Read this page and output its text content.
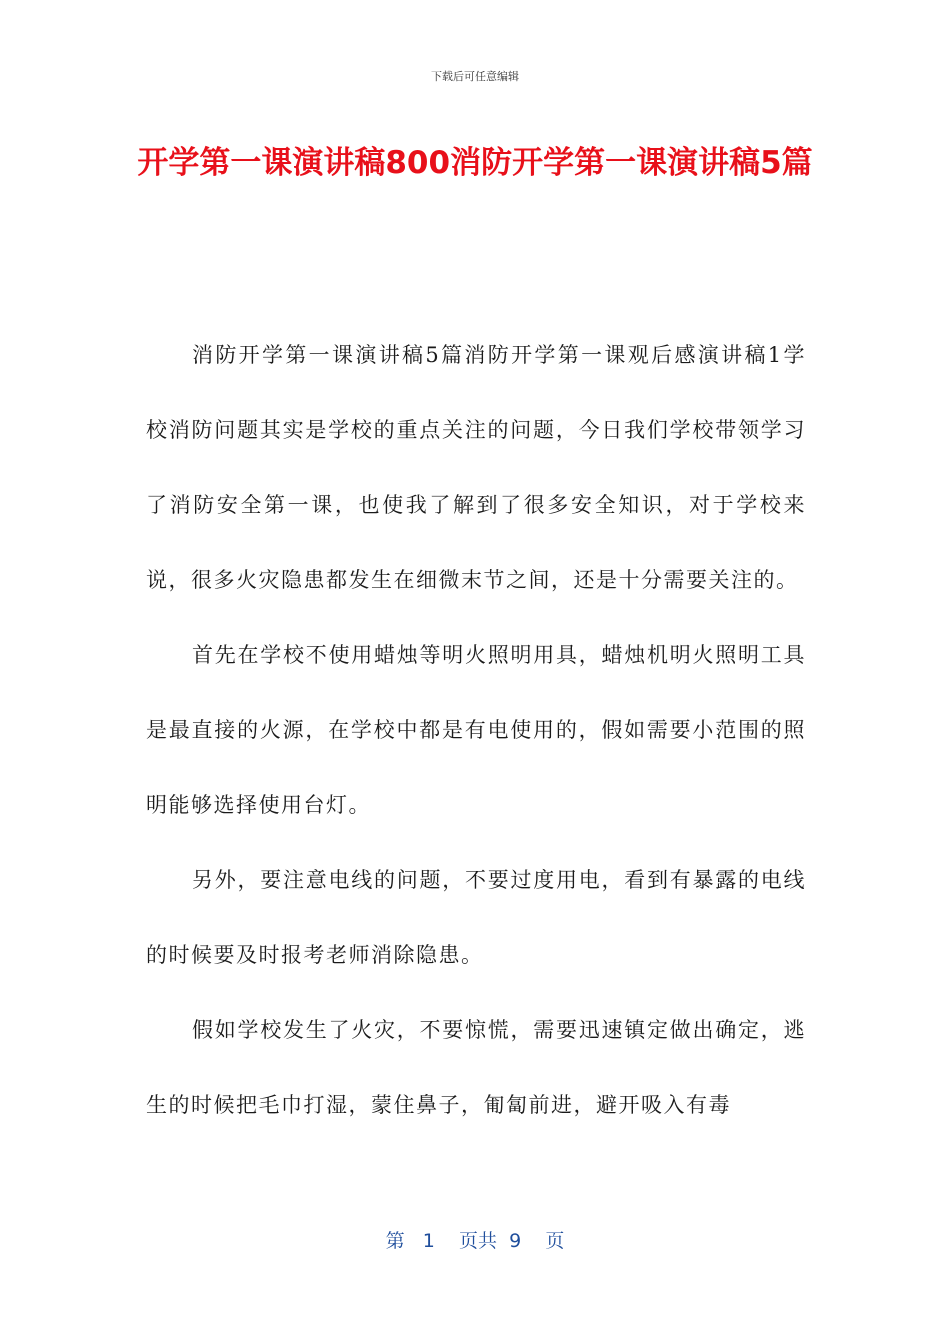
下载后可任意编辑
开学第一课演讲稿800消防开学第一课演讲稿5篇

消防开学第一课演讲稿5篇消防开学第一课观后感演讲稿1学校消防问题其实是学校的重点关注的问题，今日我们学校带领学习了消防安全第一课，也使我了解到了很多安全知识，对于学校来说，很多火灾隐患都发生在细微末节之间，还是十分需要关注的。

首先在学校不使用蜡烛等明火照明用具，蜡烛机明火照明工具是最直接的火源，在学校中都是有电使用的，假如需要小范围的照明能够选择使用台灯。

另外，要注意电线的问题，不要过度用电，看到有暴露的电线的时候要及时报考老师消除隐患。

假如学校发生了火灾，不要惊慌，需要迅速镇定做出确定，逃生的时候把毛巾打湿，蒙住鼻子，匍匐前进，避开吸入有毒

第 1 页共 9 页
